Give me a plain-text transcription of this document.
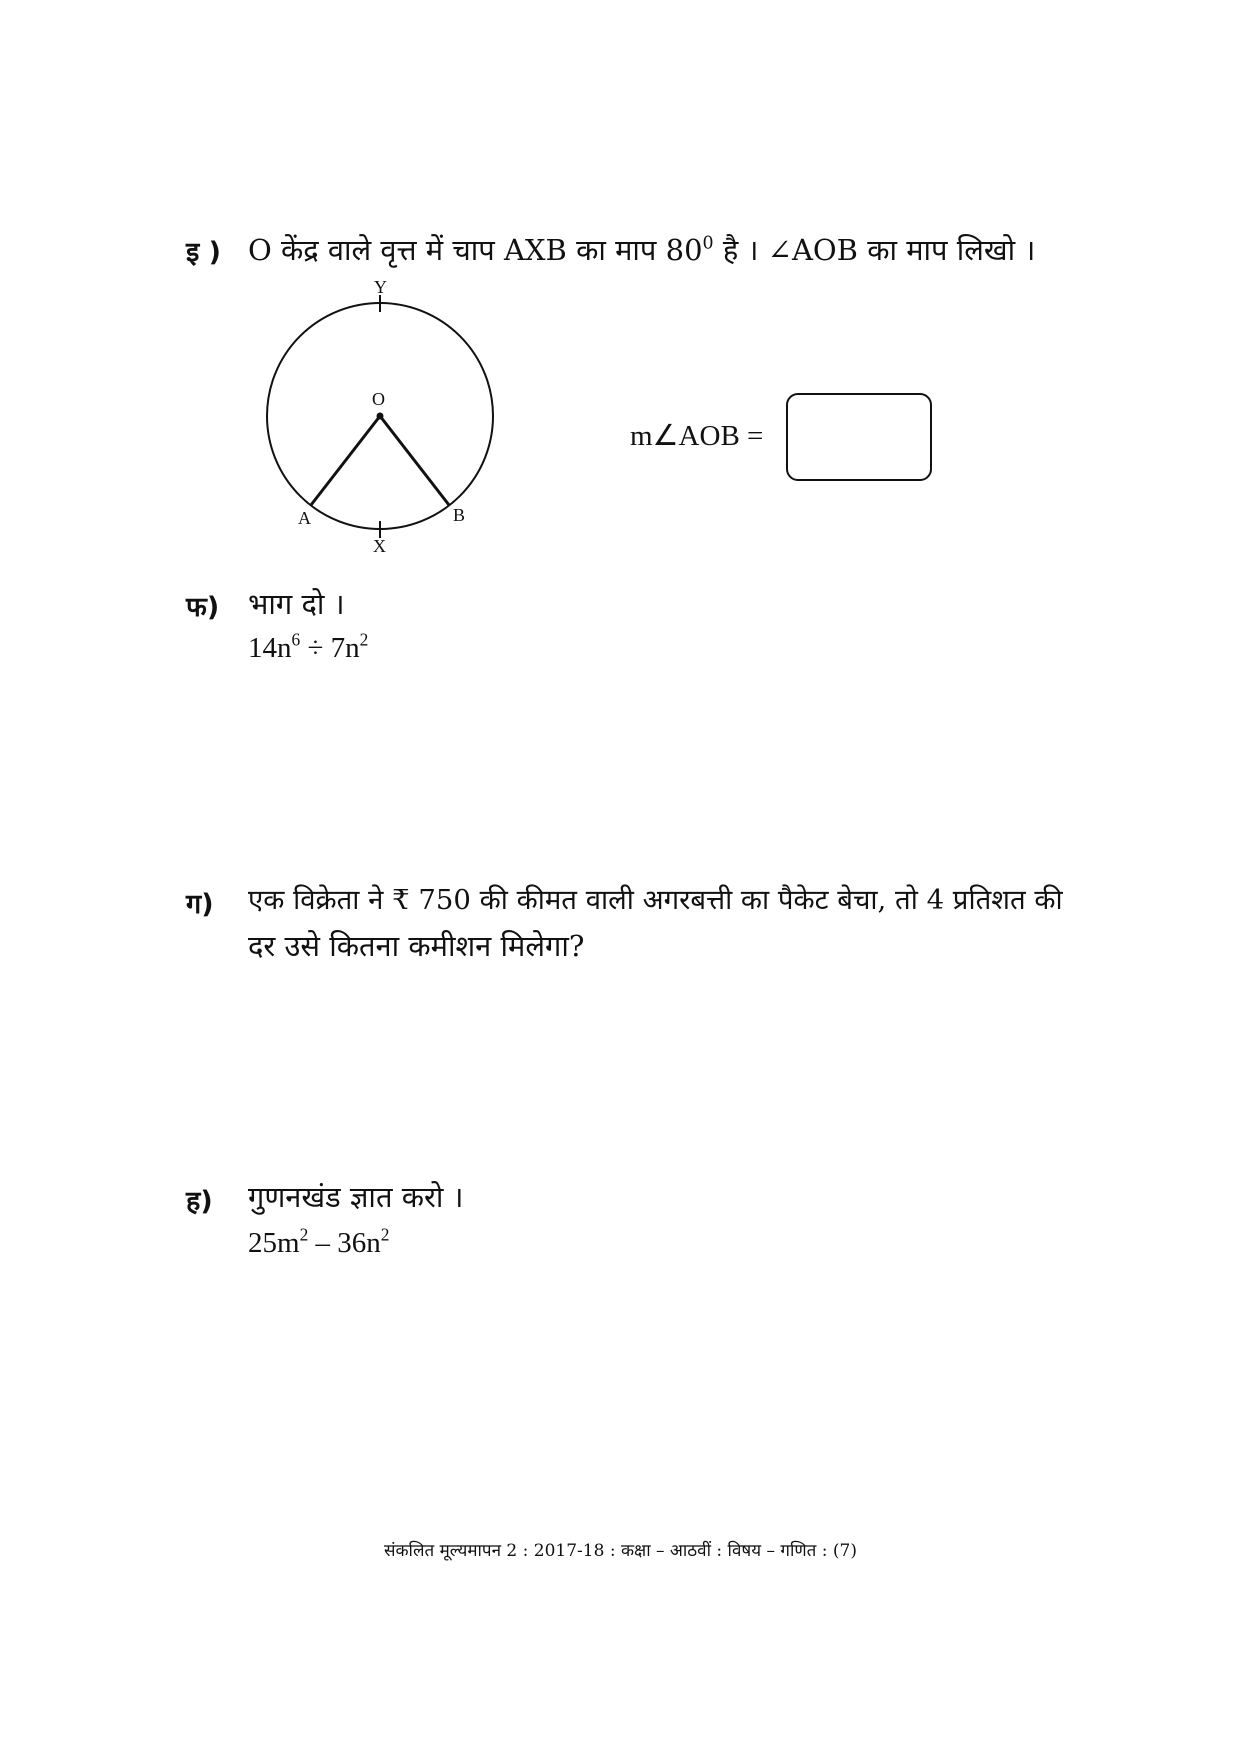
इ ) O केंद्र वाले वृत्त में चाप AXB का माप $80^0$ है । ∠AOB का माप लिखो ।
Y
O
A	B
X
m∠AOB =
फ) भाग दो ।
$14n^6 \div 7n^2$
ग) एक विक्रेता ने ₹ 750 की कीमत वाली अगरबत्ती का पैकेट बेचा, तो 4 प्रतिशत की
दर उसे कितना कमीशन मिलेगा?
ह) गुणनखंड ज्ञात करो ।
$25m^2 - 36n^2$
संकलित मूल्यमापन 2 : 2017-18 : कक्षा – आठवीं : विषय – गणित : (7)
